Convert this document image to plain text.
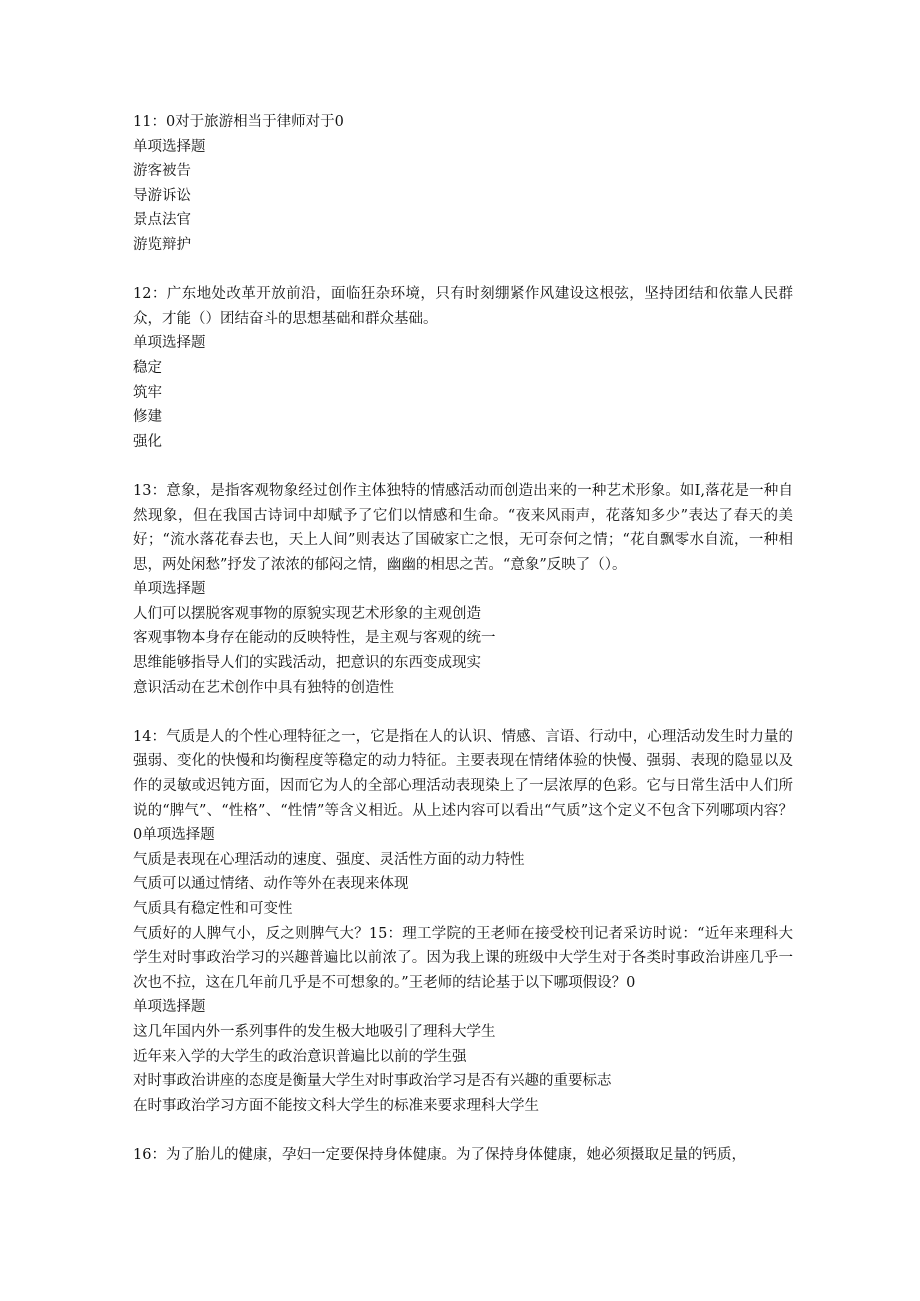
11：0对于旅游相当于律师对于0
单项选择题
游客被告
导游诉讼
景点法官
游览辩护
12：广东地处改革开放前沿，面临狂杂环境，只有时刻绷紧作风建设这根弦，坚持团结和依靠人民群众，才能（）团结奋斗的思想基础和群众基础。
单项选择题
稳定
筑牢
修建
强化
13：意象，是指客观物象经过创作主体独特的情感活动而创造出来的一种艺术形象。如I,落花是一种自然现象，但在我国古诗词中却赋予了它们以情感和生命。“夜来风雨声，花落知多少”表达了春天的美好；“流水落花春去也，天上人间”则表达了国破家亡之恨，无可奈何之情；“花自飘零水自流，一种相思，两处闲愁”抒发了浓浓的郁闷之情，幽幽的相思之苦。“意象”反映了（）。
单项选择题
人们可以摆脱客观事物的原貌实现艺术形象的主观创造
客观事物本身存在能动的反映特性，是主观与客观的统一
思维能够指导人们的实践活动，把意识的东西变成现实
意识活动在艺术创作中具有独特的创造性
14：气质是人的个性心理特征之一，它是指在人的认识、情感、言语、行动中，心理活动发生时力量的强弱、变化的快慢和均衡程度等稳定的动力特征。主要表现在情绪体验的快慢、强弱、表现的隐显以及作的灵敏或迟钝方面，因而它为人的全部心理活动表现染上了一层浓厚的色彩。它与日常生活中人们所说的“脾气”、“性格”、“性情”等含义相近。从上述内容可以看出“气质”这个定义不包含下列哪项内容？0单项选择题
气质是表现在心理活动的速度、强度、灵活性方面的动力特性
气质可以通过情绪、动作等外在表现来体现
气质具有稳定性和可变性
气质好的人脾气小，反之则脾气大？15：理工学院的王老师在接受校刊记者采访时说：“近年来理科大学生对时事政治学习的兴趣普遍比以前浓了。因为我上课的班级中大学生对于各类时事政治讲座几乎一次也不拉，这在几年前几乎是不可想象的。”王老师的结论基于以下哪项假设？0
单项选择题
这几年国内外一系列事件的发生极大地吸引了理科大学生
近年来入学的大学生的政治意识普遍比以前的学生强
对时事政治讲座的态度是衡量大学生对时事政治学习是否有兴趣的重要标志
在时事政治学习方面不能按文科大学生的标准来要求理科大学生
16：为了胎儿的健康，孕妇一定要保持身体健康。为了保持身体健康，她必须摄取足量的钙质，
